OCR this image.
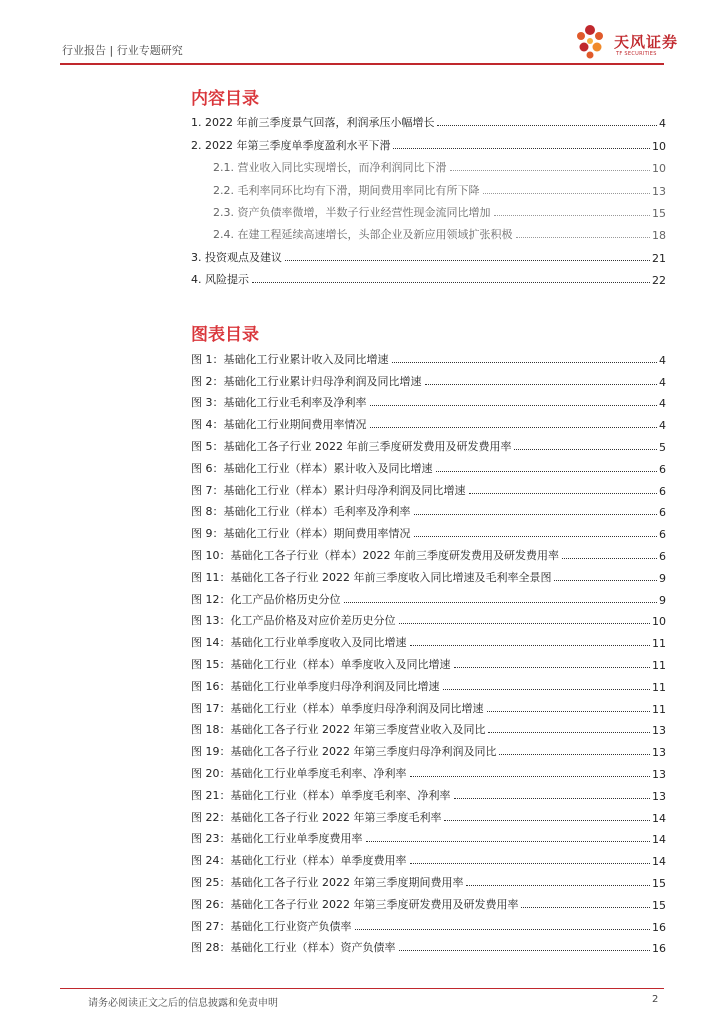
行业报告 | 行业专题研究	天风证券
TF SECURITIES
内容目录
1. 2022 年前三季度景气回落，利润承压小幅增长	4
2. 2022 年第三季度单季度盈利水平下滑	10
2.1. 营业收入同比实现增长，而净利润同比下滑	10
2.2. 毛利率同环比均有下滑，期间费用率同比有所下降	13
2.3. 资产负债率微增，半数子行业经营性现金流同比增加	15
2.4. 在建工程延续高速增长，头部企业及新应用领域扩张积极	18
3. 投资观点及建议	21
4. 风险提示	22
图表目录
图 1：基础化工行业累计收入及同比增速	4
图 2：基础化工行业累计归母净利润及同比增速	4
图 3：基础化工行业毛利率及净利率	4
图 4：基础化工行业期间费用率情况	4
图 5：基础化工各子行业 2022 年前三季度研发费用及研发费用率	5
图 6：基础化工行业（样本）累计收入及同比增速	6
图 7：基础化工行业（样本）累计归母净利润及同比增速	6
图 8：基础化工行业（样本）毛利率及净利率	6
图 9：基础化工行业（样本）期间费用率情况	6
图 10：基础化工各子行业（样本）2022 年前三季度研发费用及研发费用率	6
图 11：基础化工各子行业 2022 年前三季度收入同比增速及毛利率全景图	9
图 12：化工产品价格历史分位	9
图 13：化工产品价格及对应价差历史分位	10
图 14：基础化工行业单季度收入及同比增速	11
图 15：基础化工行业（样本）单季度收入及同比增速	11
图 16：基础化工行业单季度归母净利润及同比增速	11
图 17：基础化工行业（样本）单季度归母净利润及同比增速	11
图 18：基础化工各子行业 2022 年第三季度营业收入及同比	13
图 19：基础化工各子行业 2022 年第三季度归母净利润及同比	13
图 20：基础化工行业单季度毛利率、净利率	13
图 21：基础化工行业（样本）单季度毛利率、净利率	13
图 22：基础化工各子行业 2022 年第三季度毛利率	14
图 23：基础化工行业单季度费用率	14
图 24：基础化工行业（样本）单季度费用率	14
图 25：基础化工各子行业 2022 年第三季度期间费用率	15
图 26：基础化工各子行业 2022 年第三季度研发费用及研发费用率	15
图 27：基础化工行业资产负债率	16
图 28：基础化工行业（样本）资产负债率	16
请务必阅读正文之后的信息披露和免责申明	2
